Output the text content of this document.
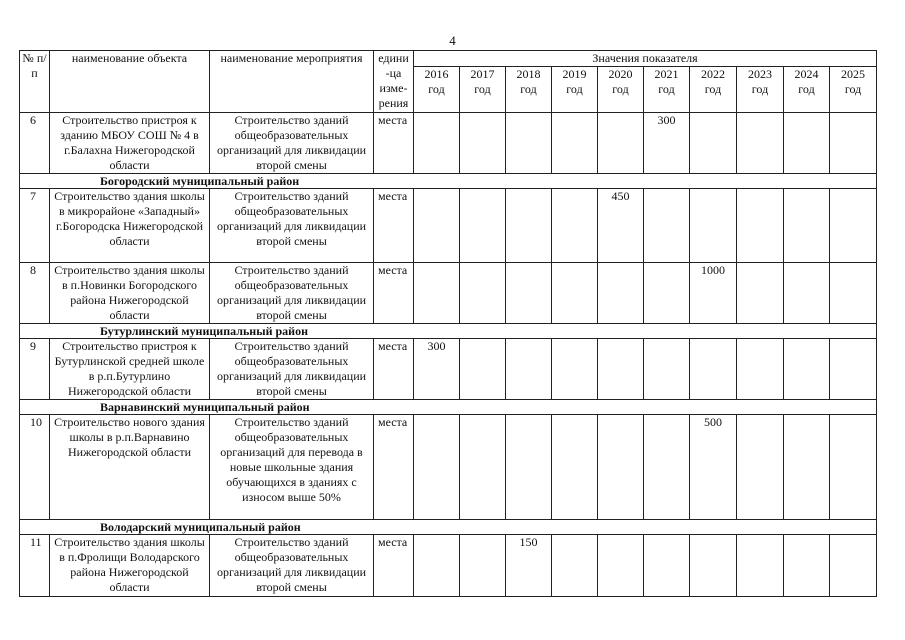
4
№ п/п	наименование объекта	наименование мероприятия	едини -ца изме- рения	Значения показателя									
				2016 год	2017 год	2018 год	2019 год	2020 год	2021 год	2022 год	2023 год	2024 год	2025 год
6	Строительство пристроя к зданию МБОУ СОШ № 4 в г.Балахна Нижегородской области	Строительство зданий общеобразовательных организаций для ликвидации второй смены	места						300				
Богородский муниципальный район													
7	Строительство здания школы в микрорайоне «Западный» г.Богородска Нижегородской области	Строительство зданий общеобразовательных организаций для ликвидации второй смены	места					450					
8	Строительство здания школы в п.Новинки Богородского района Нижегородской области	Строительство зданий общеобразовательных организаций для ликвидации второй смены	места							1000			
Бутурлинский муниципальный район													
9	Строительство пристроя к Бутурлинской средней школе в р.п.Бутурлино Нижегородской области	Строительство зданий общеобразовательных организаций для ликвидации второй смены	места	300									
Варнавинский муниципальный район													
10	Строительство нового здания школы в р.п.Варнавино Нижегородской области	Строительство зданий общеобразовательных организаций для перевода в новые школьные здания обучающихся в зданиях с износом выше 50%	места							500			
Володарский муниципальный район													
11	Строительство здания школы в п.Фролищи Володарского района Нижегородской области	Строительство зданий общеобразовательных организаций для ликвидации второй смены	места			150							
